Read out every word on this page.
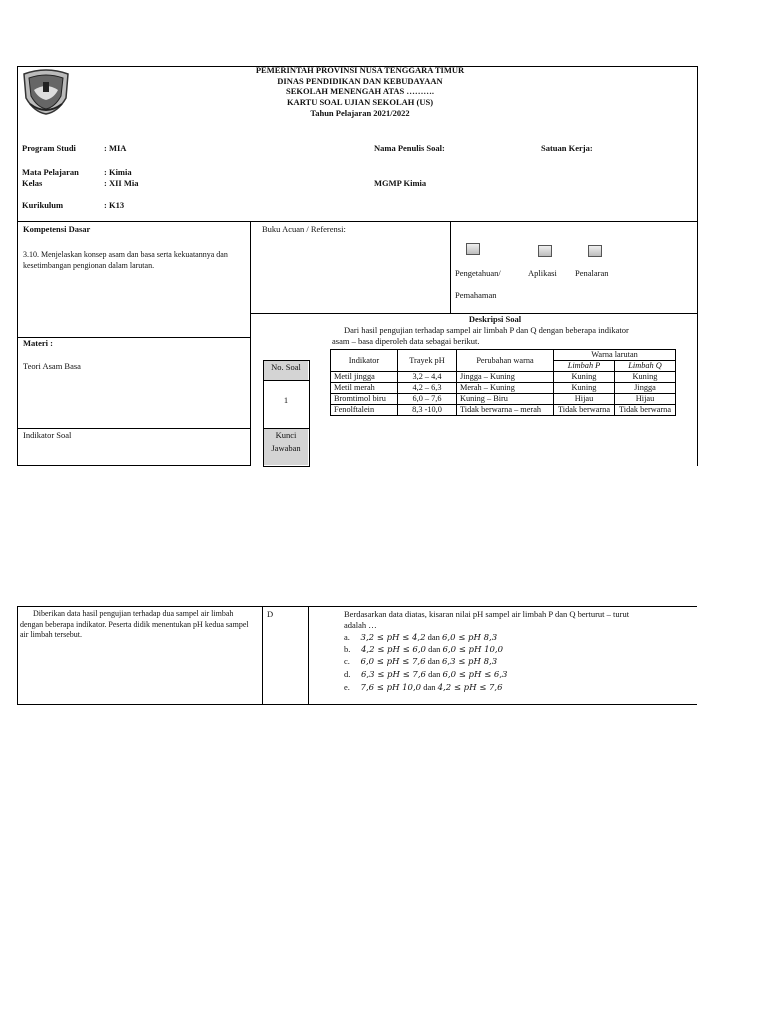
PEMERINTAH PROVINSI NUSA TENGGARA TIMUR
DINAS PENDIDIKAN DAN KEBUDAYAAN
SEKOLAH MENENGAH ATAS ……….
KARTU SOAL UJIAN SEKOLAH (US)
Tahun Pelajaran 2021/2022
Program Studi	: MIA
Mata Pelajaran	: Kimia
Kelas	: XII Mia
Kurikulum	: K13
Nama Penulis Soal:
MGMP Kimia
Satuan Kerja:
Kompetensi Dasar
3.10. Menjelaskan konsep asam dan basa serta kekuatannya dan kesetimbangan pengionan dalam larutan.
Buku Acuan / Referensi:
Pengetahuan/	Aplikasi Penalaran
Pemahaman
Materi :
Teori Asam Basa
Indikator Soal
No. Soal
1
Kunci
Jawaban
Deskripsi Soal
Dari hasil pengujian terhadap sampel air limbah P dan Q dengan beberapa indikator
asam – basa diperoleh data sebagai berikut.
Indikator	Trayek pH	Perubahan warna	Warna larutan	
			Limbah P	Limbah Q
Metil jingga	3,2 – 4,4	Jingga – Kuning	Kuning	Kuning
Metil merah	4,2 – 6,3	Merah – Kuning	Kuning	Jingga
Bromtimol biru	6,0 – 7,6	Kuning – Biru	Hijau	Hijau
Fenolftalein	8,3 -10,0	Tidak berwarna – merah	Tidak berwarna	Tidak berwarna
Diberikan data hasil pengujian terhadap dua sampel air limbah dengan beberapa indikator. Peserta didik menentukan pH kedua sampel air limbah tersebut.
D	Berdasarkan data diatas, kisaran nilai pH sampel air limbah P dan Q berturut – turut
adalah …
a. 3,2 ≤ pH ≤ 4,2 dan 6,0 ≤ pH 8,3
b. 4,2 ≤ pH ≤ 6,0 dan 6,0 ≤ pH 10,0
c. 6,0 ≤ pH ≤ 7,6 dan 6,3 ≤ pH 8,3
d. 6,3 ≤ pH ≤ 7,6 dan 6,0 ≤ pH ≤ 6,3
e. 7,6 ≤ pH 10,0 dan 4,2 ≤ pH ≤ 7,6
